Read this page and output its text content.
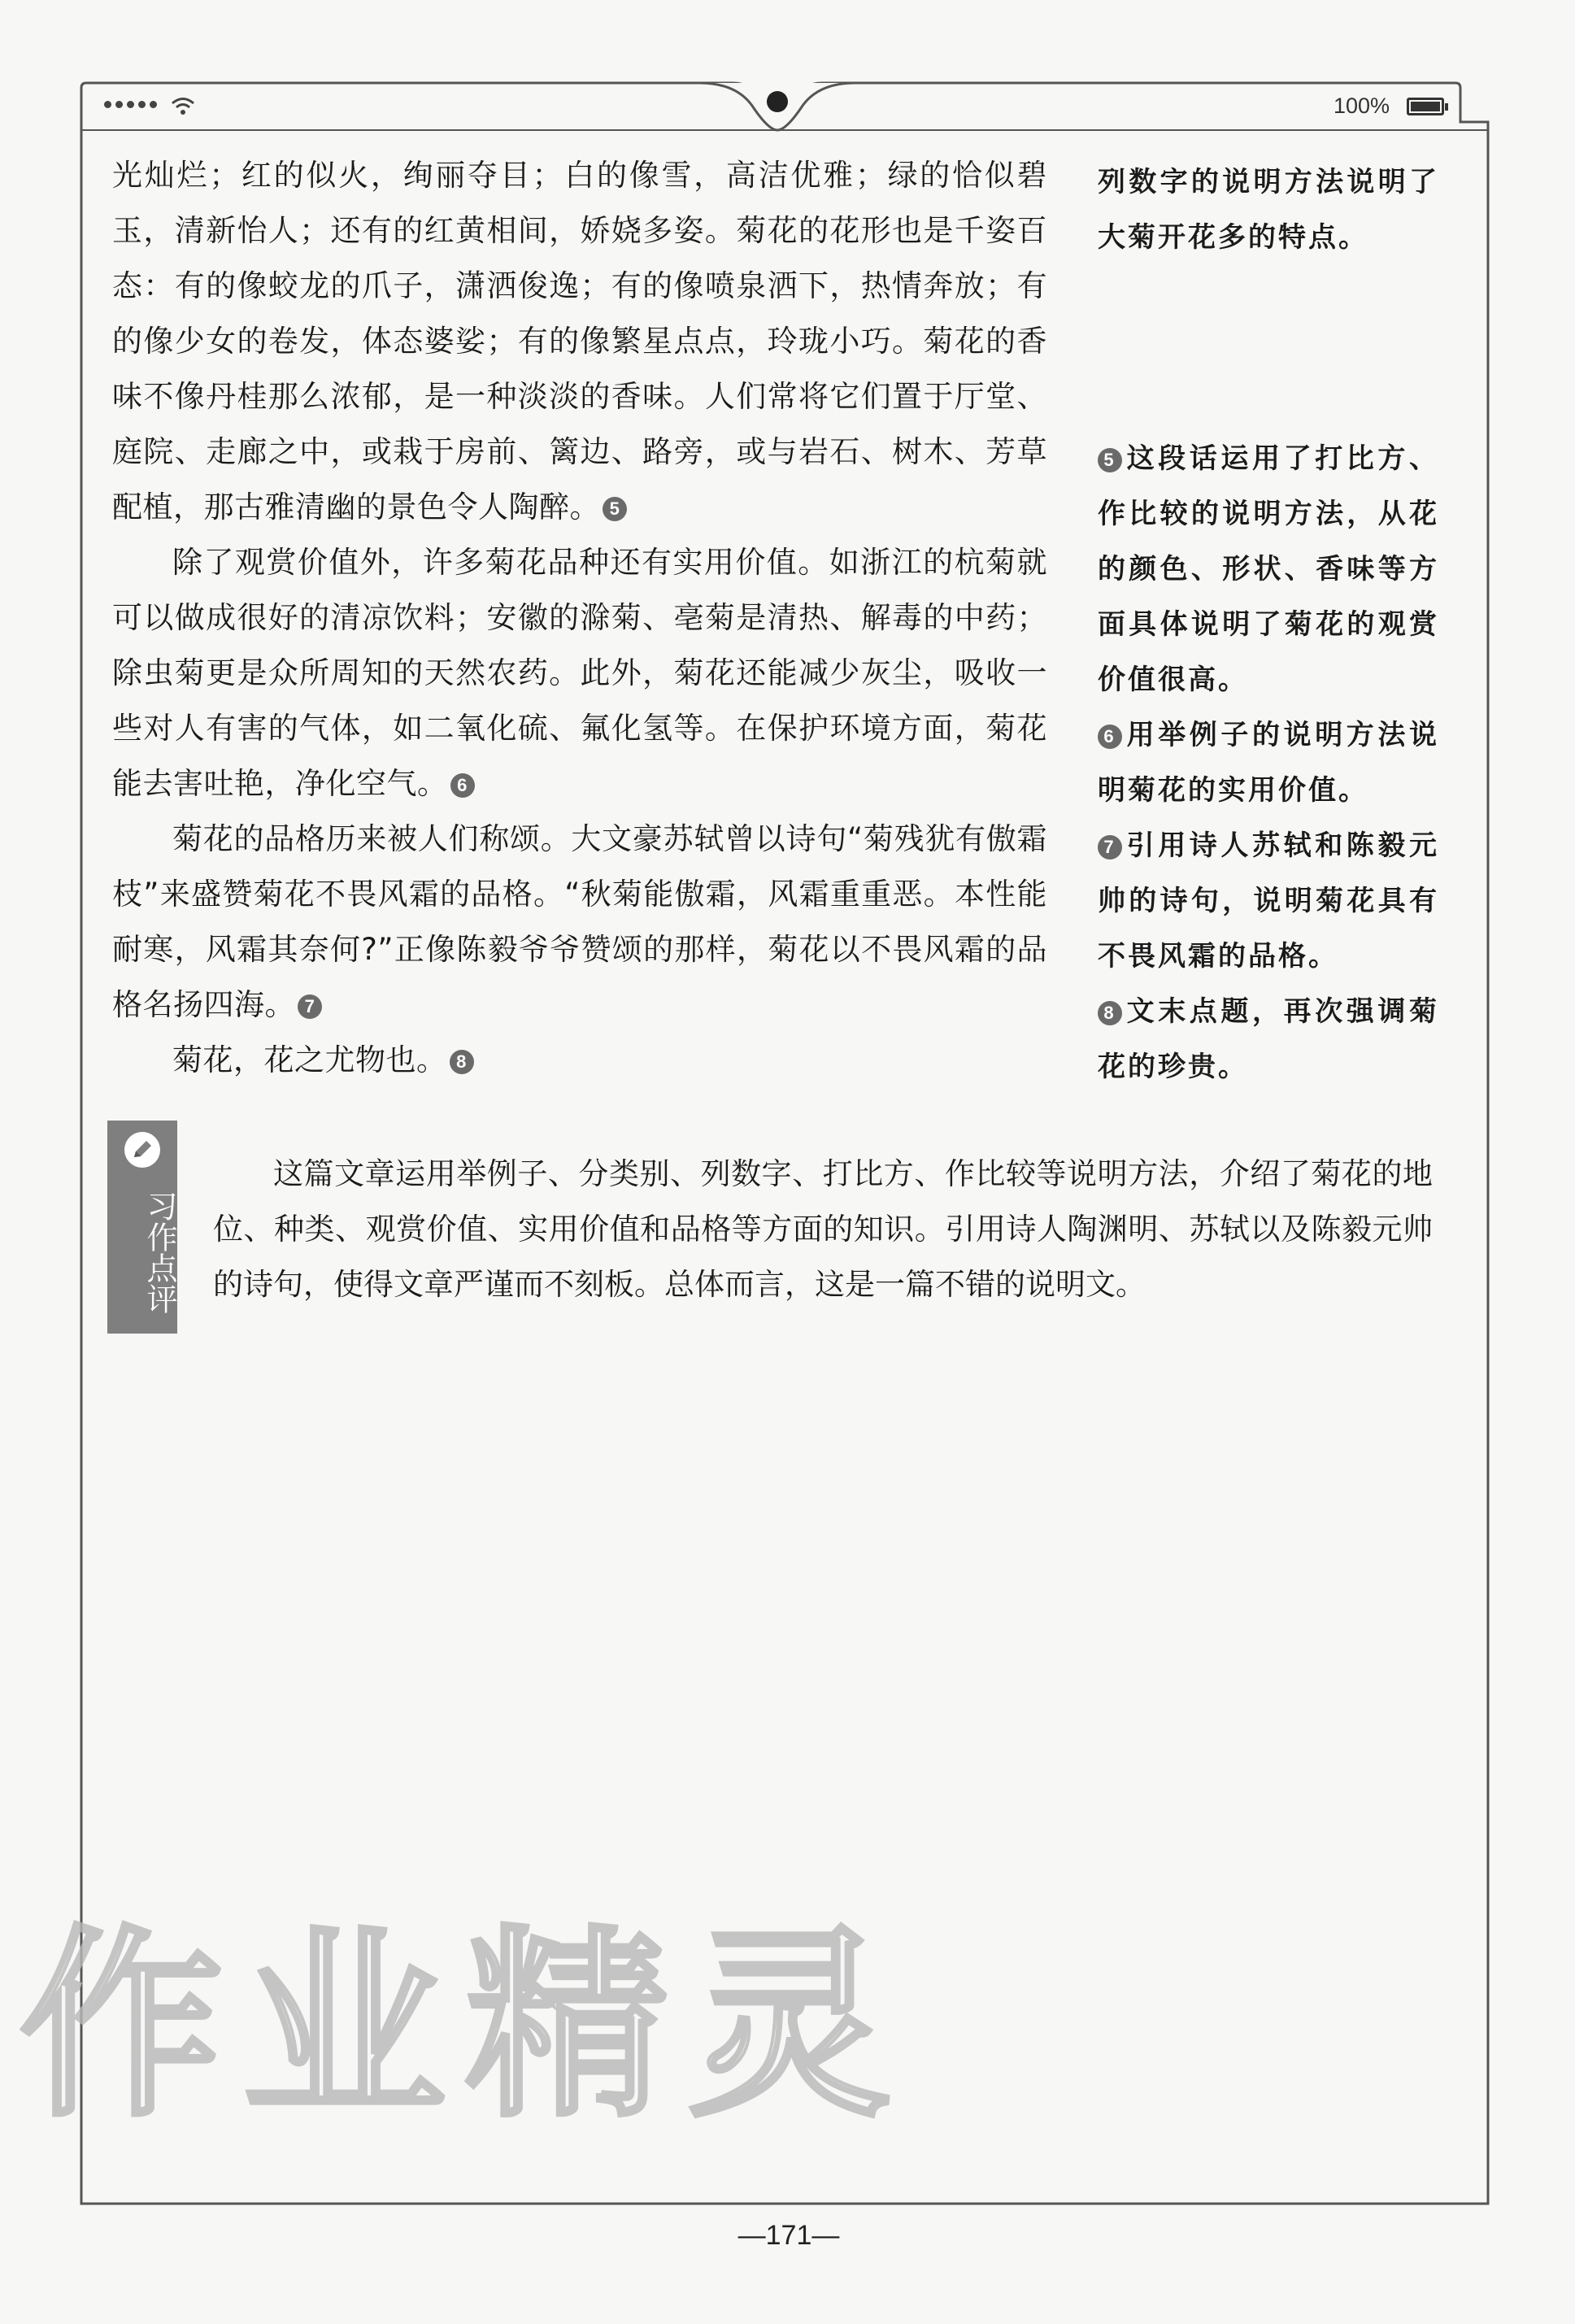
100%

光灿烂；红的似火，绚丽夺目；白的像雪，高洁优雅；绿的恰似碧玉，清新怡人；还有的红黄相间，娇娆多姿。菊花的花形也是千姿百态：有的像蛟龙的爪子，潇洒俊逸；有的像喷泉洒下，热情奔放；有的像少女的卷发，体态婆娑；有的像繁星点点，玲珑小巧。菊花的香味不像丹桂那么浓郁，是一种淡淡的香味。人们常将它们置于厅堂、庭院、走廊之中，或栽于房前、篱边、路旁，或与岩石、树木、芳草配植，那古雅清幽的景色令人陶醉。 5

除了观赏价值外，许多菊花品种还有实用价值。如浙江的杭菊就可以做成很好的清凉饮料；安徽的滁菊、亳菊是清热、解毒的中药；除虫菊更是众所周知的天然农药。此外，菊花还能减少灰尘，吸收一些对人有害的气体，如二氧化硫、氟化氢等。在保护环境方面，菊花能去害吐艳，净化空气。 6

菊花的品格历来被人们称颂。大文豪苏轼曾以诗句“菊残犹有傲霜枝”来盛赞菊花不畏风霜的品格。“秋菊能傲霜，风霜重重恶。本性能耐寒，风霜其奈何?”正像陈毅爷爷赞颂的那样，菊花以不畏风霜的品格名扬四海。 7

菊花，花之尤物也。 8

列数字的说明方法说明了大菊开花多的特点。

5 这段话运用了打比方、作比较的说明方法，从花的颜色、形状、香味等方面具体说明了菊花的观赏价值很高。

6 用举例子的说明方法说明菊花的实用价值。

7 引用诗人苏轼和陈毅元帅的诗句，说明菊花具有不畏风霜的品格。

8 文末点题，再次强调菊花的珍贵。

习作点评
这篇文章运用举例子、分类别、列数字、打比方、作比较等说明方法，介绍了菊花的地位、种类、观赏价值、实用价值和品格等方面的知识。引用诗人陶渊明、苏轼以及陈毅元帅的诗句，使得文章严谨而不刻板。总体而言，这是一篇不错的说明文。
作业精灵
—171—
